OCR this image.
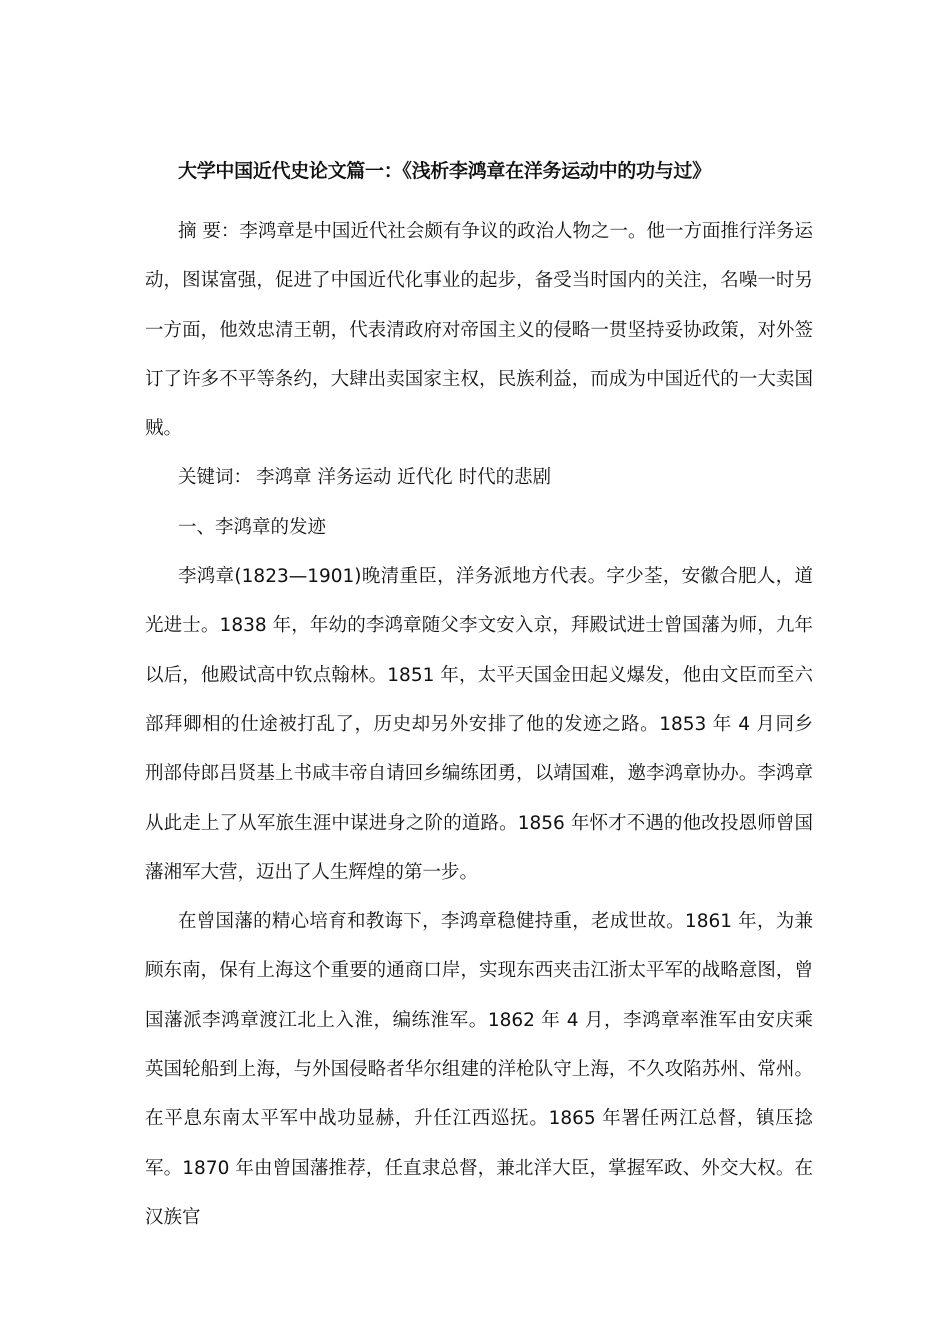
大学中国近代史论文篇一：《浅析李鸿章在洋务运动中的功与过》

摘 要：李鸿章是中国近代社会颇有争议的政治人物之一。他一方面推行洋务运动，图谋富强，促进了中国近代化事业的起步，备受当时国内的关注，名噪一时另一方面，他效忠清王朝，代表清政府对帝国主义的侵略一贯坚持妥协政策，对外签订了许多不平等条约，大肆出卖国家主权，民族利益，而成为中国近代的一大卖国贼。

关键词： 李鸿章 洋务运动 近代化 时代的悲剧

一、李鸿章的发迹

李鸿章(1823—1901)晚清重臣，洋务派地方代表。字少荃，安徽合肥人，道光进士。1838 年，年幼的李鸿章随父李文安入京，拜殿试进士曾国藩为师，九年以后，他殿试高中钦点翰林。1851 年，太平天国金田起义爆发，他由文臣而至六部拜卿相的仕途被打乱了，历史却另外安排了他的发迹之路。1853 年 4 月同乡刑部侍郎吕贤基上书咸丰帝自请回乡编练团勇，以靖国难，邀李鸿章协办。李鸿章从此走上了从军旅生涯中谋进身之阶的道路。1856 年怀才不遇的他改投恩师曾国藩湘军大营，迈出了人生辉煌的第一步。

在曾国藩的精心培育和教诲下，李鸿章稳健持重，老成世故。1861 年，为兼顾东南，保有上海这个重要的通商口岸，实现东西夹击江浙太平军的战略意图，曾国藩派李鸿章渡江北上入淮，编练淮军。1862 年 4 月，李鸿章率淮军由安庆乘英国轮船到上海，与外国侵略者华尔组建的洋枪队守上海，不久攻陷苏州、常州。在平息东南太平军中战功显赫，升任江西巡抚。1865 年署任两江总督，镇压捻军。1870 年由曾国藩推荐，任直隶总督，兼北洋大臣，掌握军政、外交大权。在汉族官
